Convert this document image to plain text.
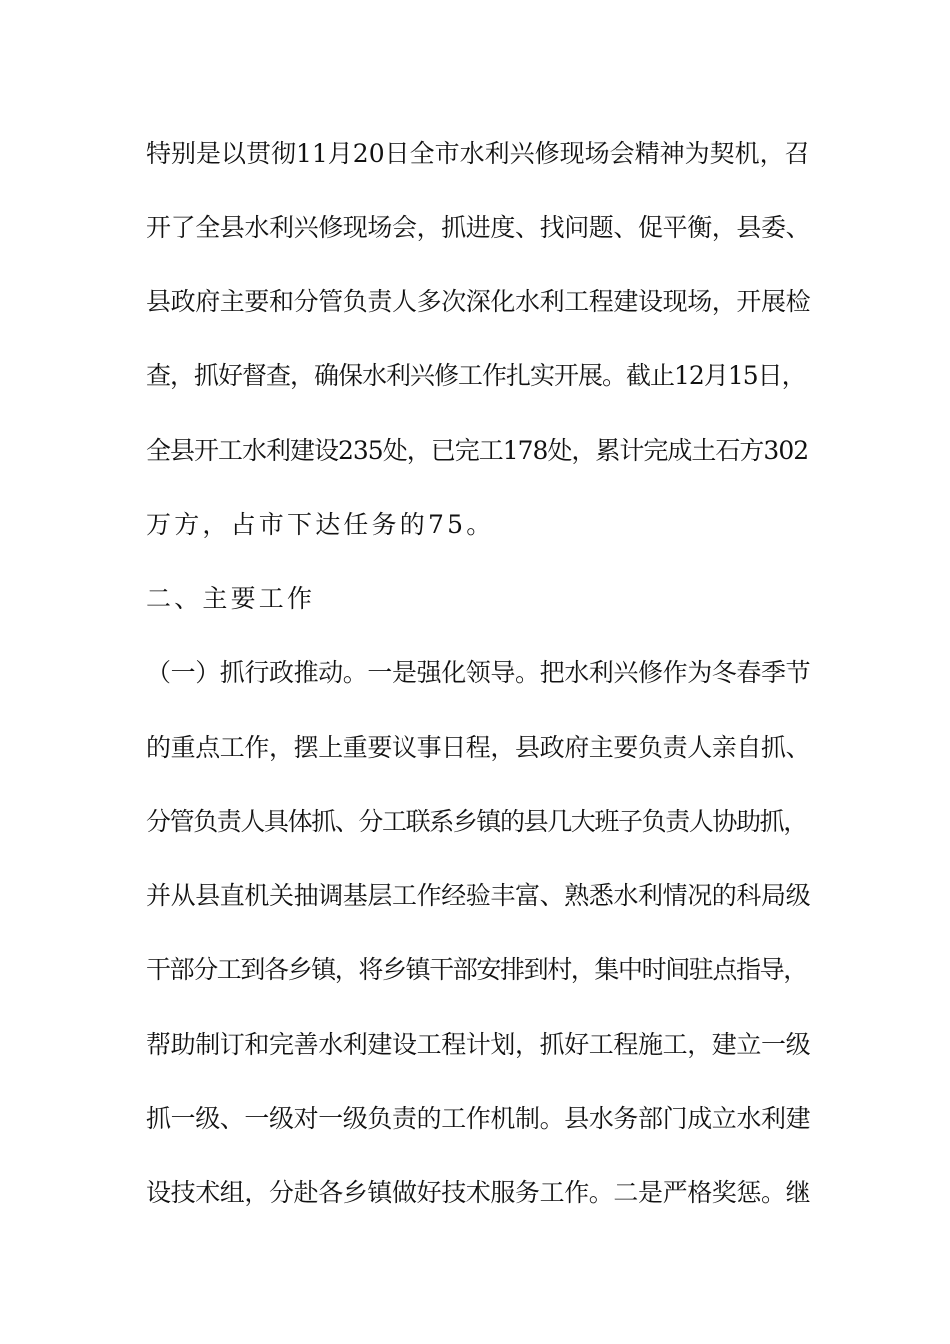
特别是以贯彻11月20日全市水利兴修现场会精神为契机，召
开了全县水利兴修现场会，抓进度、找问题、促平衡，县委、
县政府主要和分管负责人多次深化水利工程建设现场，开展检
查，抓好督查，确保水利兴修工作扎实开展。截止12月15日，
全县开工水利建设235处，已完工178处，累计完成土石方302
万方，占市下达任务的75。
二、主要工作
（一）抓行政推动。一是强化领导。把水利兴修作为冬春季节
的重点工作，摆上重要议事日程，县政府主要负责人亲自抓、
分管负责人具体抓、分工联系乡镇的县几大班子负责人协助抓，
并从县直机关抽调基层工作经验丰富、熟悉水利情况的科局级
干部分工到各乡镇，将乡镇干部安排到村，集中时间驻点指导，
帮助制订和完善水利建设工程计划，抓好工程施工，建立一级
抓一级、一级对一级负责的工作机制。县水务部门成立水利建
设技术组，分赴各乡镇做好技术服务工作。二是严格奖惩。继
